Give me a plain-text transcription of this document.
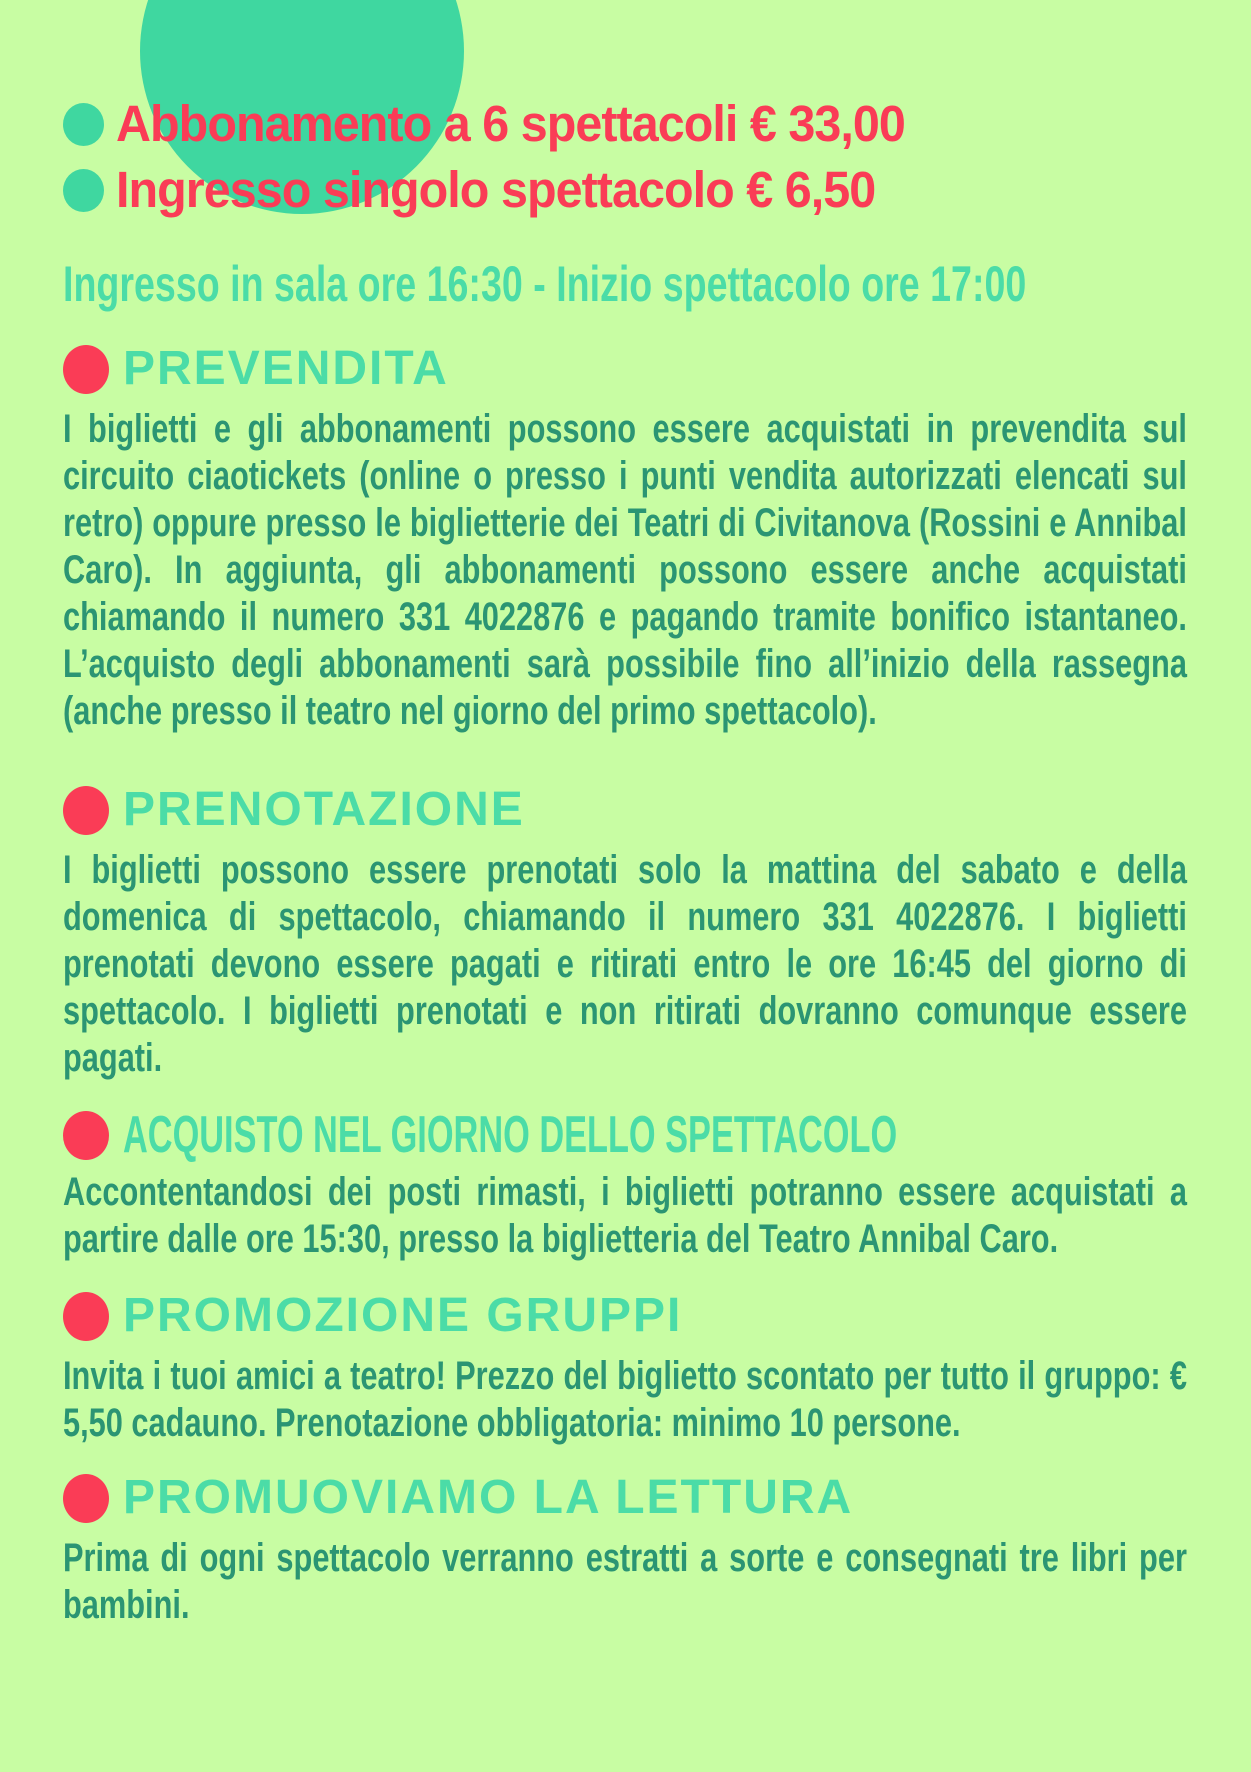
Abbonamento a 6 spettacoli € 33,00
Ingresso singolo spettacolo € 6,50
Ingresso in sala ore 16:30 - Inizio spettacolo ore 17:00
PREVENDITA

I biglietti e gli abbonamenti possono essere acquistati in prevendita sul circuito ciaotickets (online o presso i punti vendita autorizzati elencati sul retro) oppure presso le biglietterie dei Teatri di Civitanova (Rossini e Annibal Caro). In aggiunta, gli abbonamenti possono essere anche acquistati chiamando il numero 331 4022876 e pagando tramite bonifico istantaneo. L’acquisto degli abbonamenti sarà possibile fino all’inizio della rassegna (anche presso il teatro nel giorno del primo spettacolo).

PRENOTAZIONE

I biglietti possono essere prenotati solo la mattina del sabato e della domenica di spettacolo, chiamando il numero 331 4022876. I biglietti prenotati devono essere pagati e ritirati entro le ore 16:45 del giorno di spettacolo. I biglietti prenotati e non ritirati dovranno comunque essere pagati.

ACQUISTO NEL GIORNO DELLO SPETTACOLO

Accontentandosi dei posti rimasti, i biglietti potranno essere acquistati a partire dalle ore 15:30, presso la biglietteria del Teatro Annibal Caro.

PROMOZIONE GRUPPI

Invita i tuoi amici a teatro! Prezzo del biglietto scontato per tutto il gruppo: € 5,50 cadauno. Prenotazione obbligatoria: minimo 10 persone.

PROMUOVIAMO LA LETTURA

Prima di ogni spettacolo verranno estratti a sorte e consegnati tre libri per bambini.
